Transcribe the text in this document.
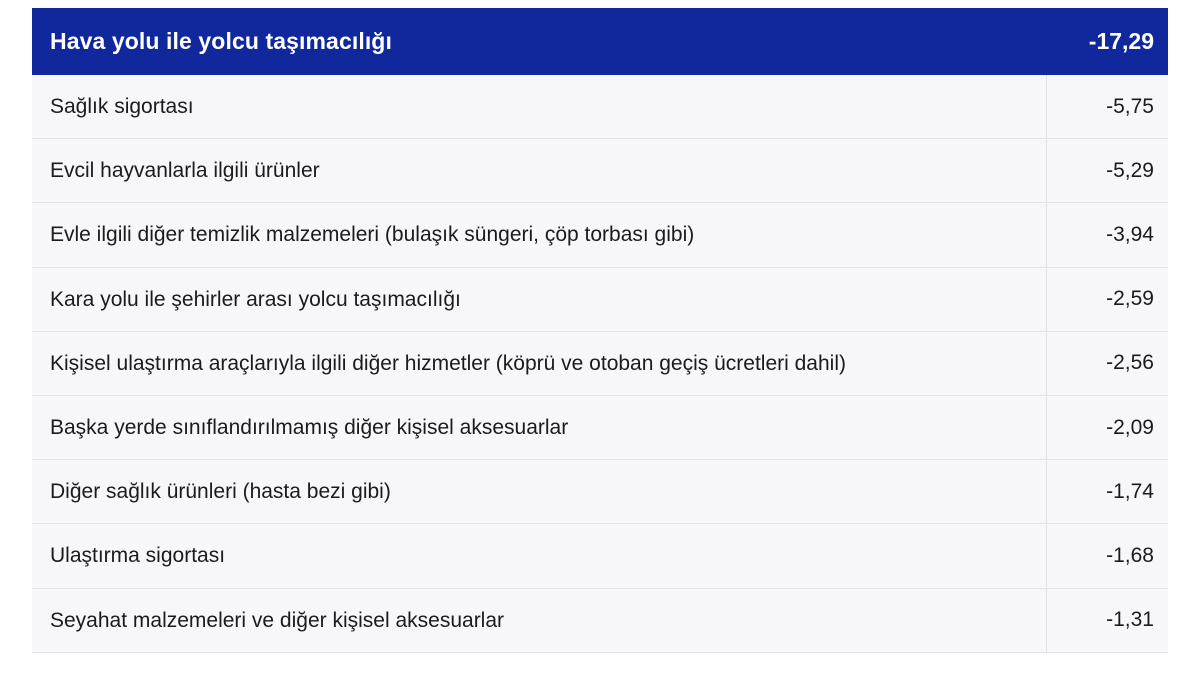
Hava yolu ile yolcu taşımacılığı	-17,29
Sağlık sigortası	-5,75
Evcil hayvanlarla ilgili ürünler	-5,29
Evle ilgili diğer temizlik malzemeleri (bulaşık süngeri, çöp torbası gibi)	-3,94
Kara yolu ile şehirler arası yolcu taşımacılığı	-2,59
Kişisel ulaştırma araçlarıyla ilgili diğer hizmetler (köprü ve otoban geçiş ücretleri dahil)	-2,56
Başka yerde sınıflandırılmamış diğer kişisel aksesuarlar	-2,09
Diğer sağlık ürünleri (hasta bezi gibi)	-1,74
Ulaştırma sigortası	-1,68
Seyahat malzemeleri ve diğer kişisel aksesuarlar	-1,31
